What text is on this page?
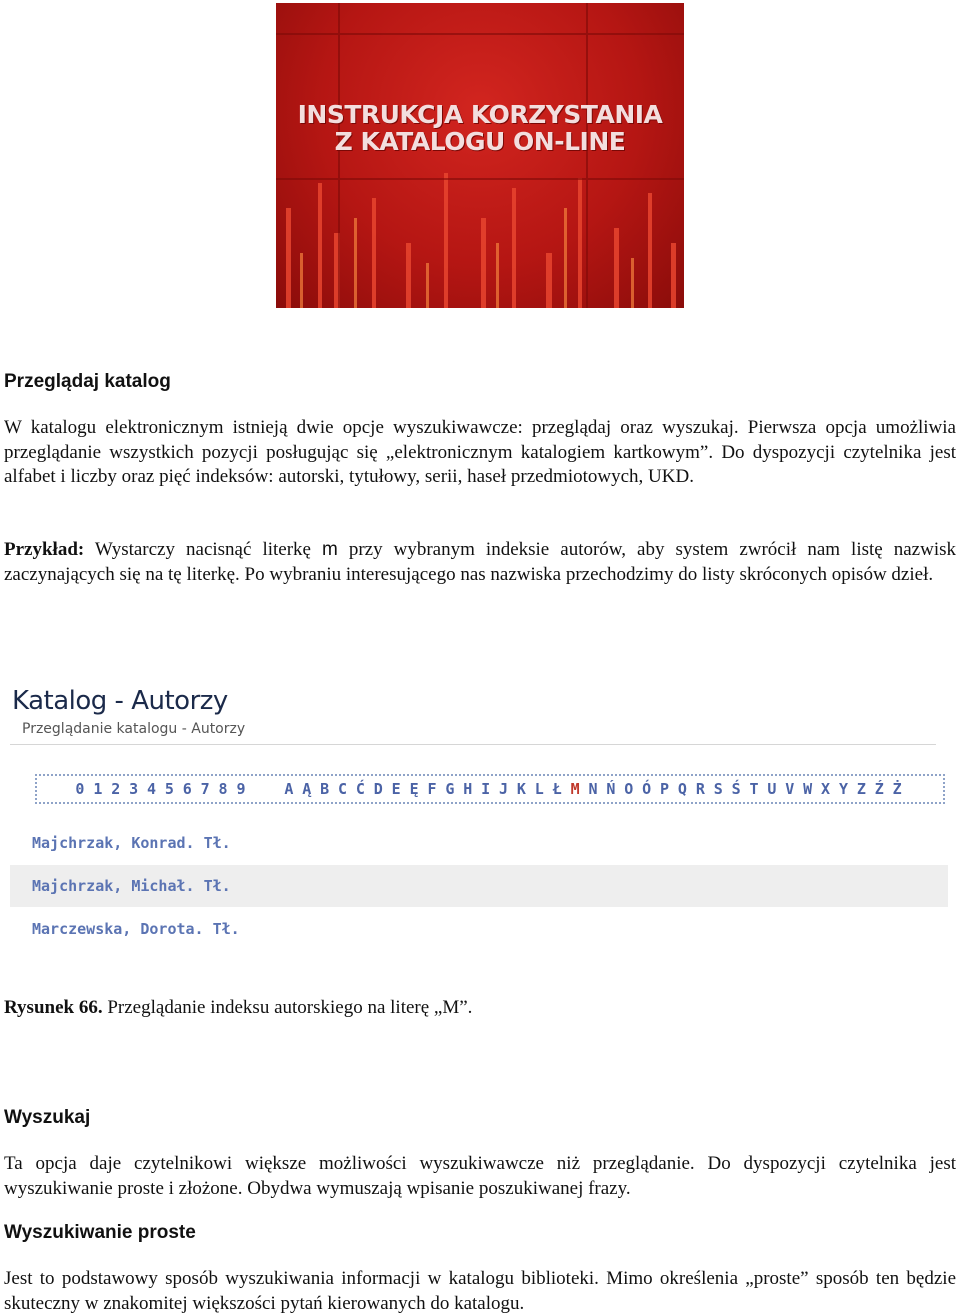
INSTRUKCJA KORZYSTANIA
Z KATALOGU ON-LINE
Przeglądaj katalog

W katalogu elektronicznym istnieją dwie opcje wyszukiwawcze: przeglądaj oraz wyszukaj. Pierwsza opcja umożliwia przeglądanie wszystkich pozycji posługując się „elektronicznym katalogiem kartkowym”. Do dyspozycji czytelnika jest alfabet i liczby oraz pięć indeksów: autorski, tytułowy, serii, haseł przedmiotowych, UKD.

Przykład: Wystarczy nacisnąć literkę m przy wybranym indeksie autorów, aby system zwrócił nam listę nazwisk zaczynających się na tę literkę. Po wybraniu interesującego nas nazwiska przechodzimy do listy skróconych opisów dzieł.

Katalog - Autorzy
Przeglądanie katalogu - Autorzy
0 1 2 3 4 5 6 7 8 9	A Ą B C Ć D E Ę F G H I J K L Ł M N Ń O Ó P Q R S Ś T U V W X Y Z Ź Ż
Majchrzak, Konrad. Tł.
Majchrzak, Michał. Tł.
Marczewska, Dorota. Tł.

Rysunek 66. Przeglądanie indeksu autorskiego na literę „M”.

Wyszukaj

Ta opcja daje czytelnikowi większe możliwości wyszukiwawcze niż przeglądanie. Do dyspozycji czytelnika jest wyszukiwanie proste i złożone. Obydwa wymuszają wpisanie poszukiwanej frazy.

Wyszukiwanie proste

Jest to podstawowy sposób wyszukiwania informacji w katalogu biblioteki. Mimo określenia „proste” sposób ten będzie skuteczny w znakomitej większości pytań kierowanych do katalogu.
